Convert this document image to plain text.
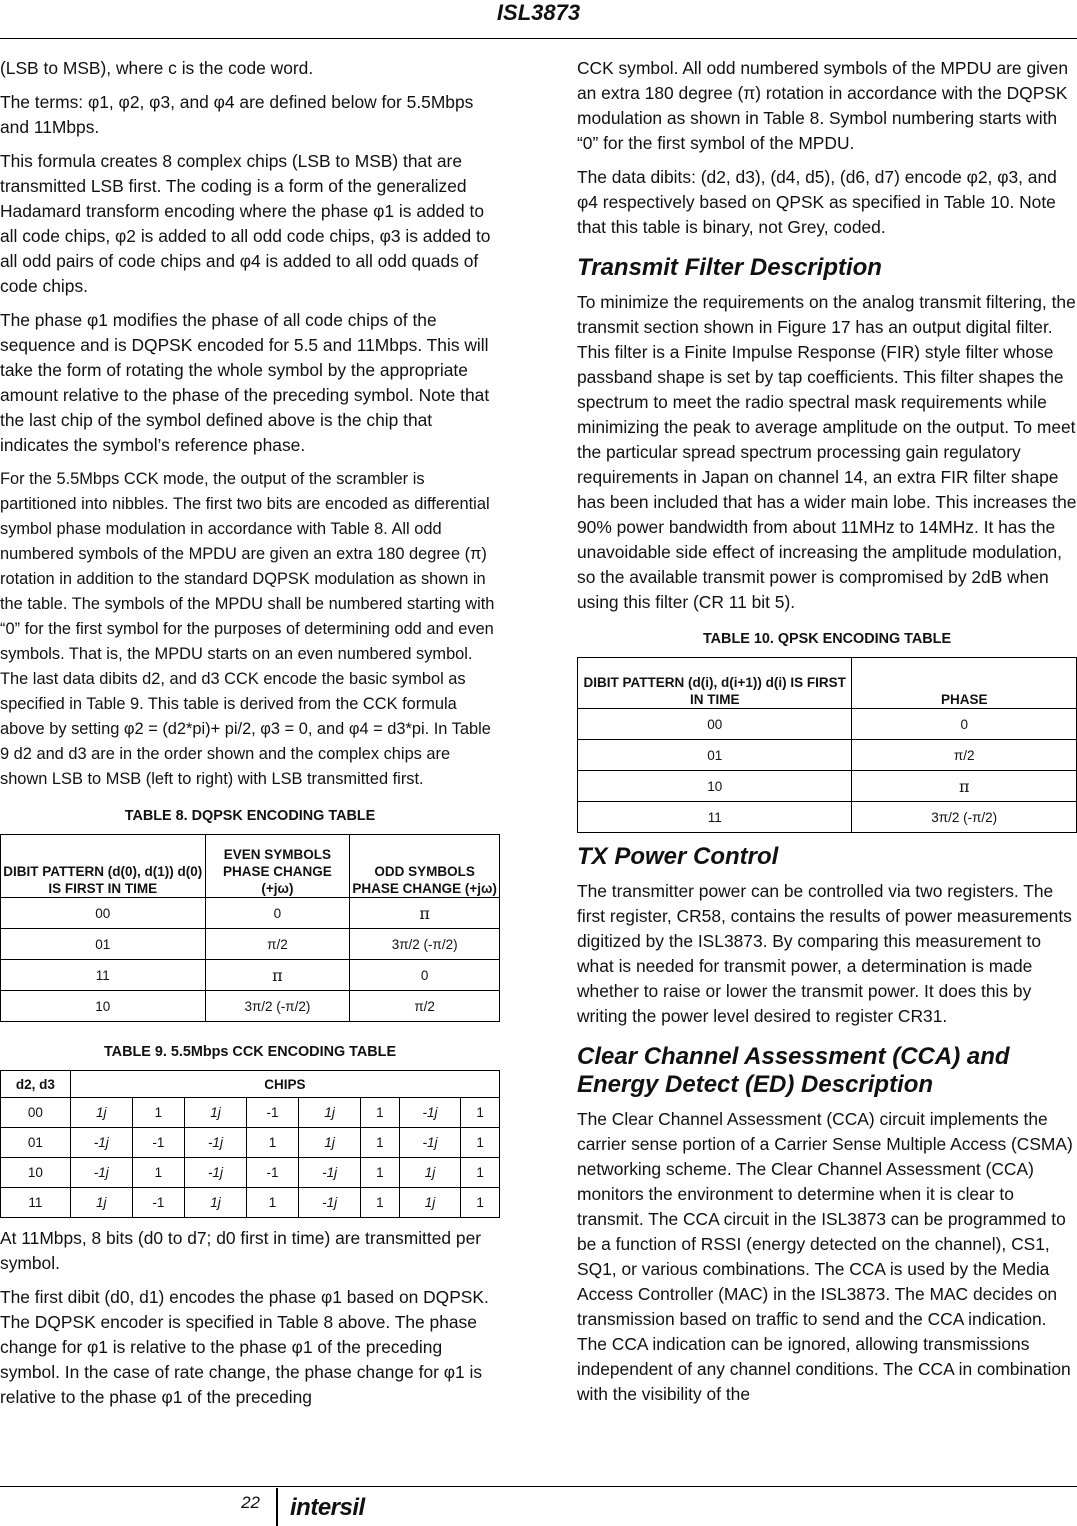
ISL3873

(LSB to MSB), where c is the code word.

The terms: φ1, φ2, φ3, and φ4 are defined below for 5.5Mbps and 11Mbps.

This formula creates 8 complex chips (LSB to MSB) that are transmitted LSB first. The coding is a form of the generalized Hadamard transform encoding where the phase φ1 is added to all code chips, φ2 is added to all odd code chips, φ3 is added to all odd pairs of code chips and φ4 is added to all odd quads of code chips.

The phase φ1 modifies the phase of all code chips of the sequence and is DQPSK encoded for 5.5 and 11Mbps. This will take the form of rotating the whole symbol by the appropriate amount relative to the phase of the preceding symbol. Note that the last chip of the symbol defined above is the chip that indicates the symbol’s reference phase.

For the 5.5Mbps CCK mode, the output of the scrambler is partitioned into nibbles. The first two bits are encoded as differential symbol phase modulation in accordance with Table 8. All odd numbered symbols of the MPDU are given an extra 180 degree (π) rotation in addition to the standard DQPSK modulation as shown in the table. The symbols of the MPDU shall be numbered starting with “0” for the first symbol for the purposes of determining odd and even symbols. That is, the MPDU starts on an even numbered symbol. The last data dibits d2, and d3 CCK encode the basic symbol as specified in Table 9. This table is derived from the CCK formula above by setting φ2 = (d2*pi)+ pi/2, φ3 = 0, and φ4 = d3*pi. In Table 9 d2 and d3 are in the order shown and the complex chips are shown LSB to MSB (left to right) with LSB transmitted first.

TABLE 8. DQPSK ENCODING TABLE
DIBIT PATTERN (d(0), d(1)) d(0) IS FIRST IN TIME	EVEN SYMBOLS PHASE CHANGE (+jω)	ODD SYMBOLS PHASE CHANGE (+jω)
00	0	π
01	π/2	3π/2 (-π/2)
11	π	0
10	3π/2 (-π/2)	π/2
TABLE 9. 5.5Mbps CCK ENCODING TABLE
d2, d3	CHIPS							
00	1j	1	1j	-1	1j	1	-1j	1
01	-1j	-1	-1j	1	1j	1	-1j	1
10	-1j	1	-1j	-1	-1j	1	1j	1
11	1j	-1	1j	1	-1j	1	1j	1

At 11Mbps, 8 bits (d0 to d7; d0 first in time) are transmitted per symbol.

The first dibit (d0, d1) encodes the phase φ1 based on DQPSK. The DQPSK encoder is specified in Table 8 above. The phase change for φ1 is relative to the phase φ1 of the preceding symbol. In the case of rate change, the phase change for φ1 is relative to the phase φ1 of the preceding

CCK symbol. All odd numbered symbols of the MPDU are given an extra 180 degree (π) rotation in accordance with the DQPSK modulation as shown in Table 8. Symbol numbering starts with “0” for the first symbol of the MPDU.

The data dibits: (d2, d3), (d4, d5), (d6, d7) encode φ2, φ3, and φ4 respectively based on QPSK as specified in Table 10. Note that this table is binary, not Grey, coded.

Transmit Filter Description

To minimize the requirements on the analog transmit filtering, the transmit section shown in Figure 17 has an output digital filter. This filter is a Finite Impulse Response (FIR) style filter whose passband shape is set by tap coefficients. This filter shapes the spectrum to meet the radio spectral mask requirements while minimizing the peak to average amplitude on the output. To meet the particular spread spectrum processing gain regulatory requirements in Japan on channel 14, an extra FIR filter shape has been included that has a wider main lobe. This increases the 90% power bandwidth from about 11MHz to 14MHz. It has the unavoidable side effect of increasing the amplitude modulation, so the available transmit power is compromised by 2dB when using this filter (CR 11 bit 5).

TABLE 10. QPSK ENCODING TABLE
DIBIT PATTERN (d(i), d(i+1)) d(i) IS FIRST IN TIME	PHASE
00	0
01	π/2
10	π
11	3π/2 (-π/2)
TX Power Control

The transmitter power can be controlled via two registers. The first register, CR58, contains the results of power measurements digitized by the ISL3873. By comparing this measurement to what is needed for transmit power, a determination is made whether to raise or lower the transmit power. It does this by writing the power level desired to register CR31.

Clear Channel Assessment (CCA) and Energy Detect (ED) Description

The Clear Channel Assessment (CCA) circuit implements the carrier sense portion of a Carrier Sense Multiple Access (CSMA) networking scheme. The Clear Channel Assessment (CCA) monitors the environment to determine when it is clear to transmit. The CCA circuit in the ISL3873 can be programmed to be a function of RSSI (energy detected on the channel), CS1, SQ1, or various combinations. The CCA is used by the Media Access Controller (MAC) in the ISL3873. The MAC decides on transmission based on traffic to send and the CCA indication. The CCA indication can be ignored, allowing transmissions independent of any channel conditions. The CCA in combination with the visibility of the

22 intersil
